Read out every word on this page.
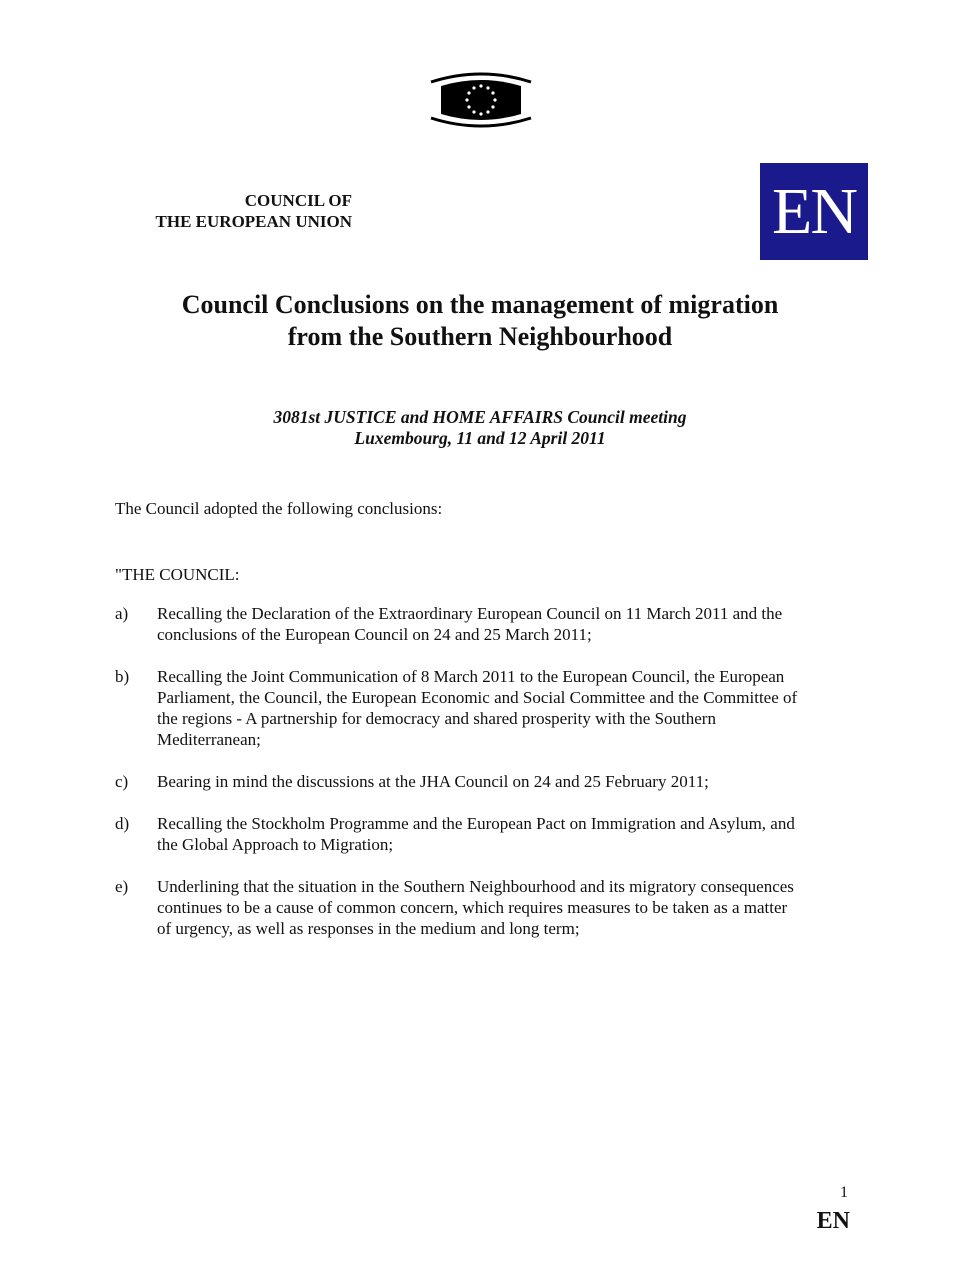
COUNCIL OF
THE EUROPEAN UNION	EN
Council Conclusions on the management of migration
from the Southern Neighbourhood
3081st JUSTICE and HOME AFFAIRS Council meeting
Luxembourg, 11 and 12 April 2011
The Council adopted the following conclusions:
"THE COUNCIL:
a) Recalling the Declaration of the Extraordinary European Council on 11 March 2011 and the
conclusions of the European Council on 24 and 25 March 2011;
b) Recalling the Joint Communication of 8 March 2011 to the European Council, the European
Parliament, the Council, the European Economic and Social Committee and the Committee of
the regions - A partnership for democracy and shared prosperity with the Southern
Mediterranean;
c) Bearing in mind the discussions at the JHA Council on 24 and 25 February 2011;
d) Recalling the Stockholm Programme and the European Pact on Immigration and Asylum, and
the Global Approach to Migration;
e) Underlining that the situation in the Southern Neighbourhood and its migratory consequences
continues to be a cause of common concern, which requires measures to be taken as a matter
of urgency, as well as responses in the medium and long term;
1
EN
